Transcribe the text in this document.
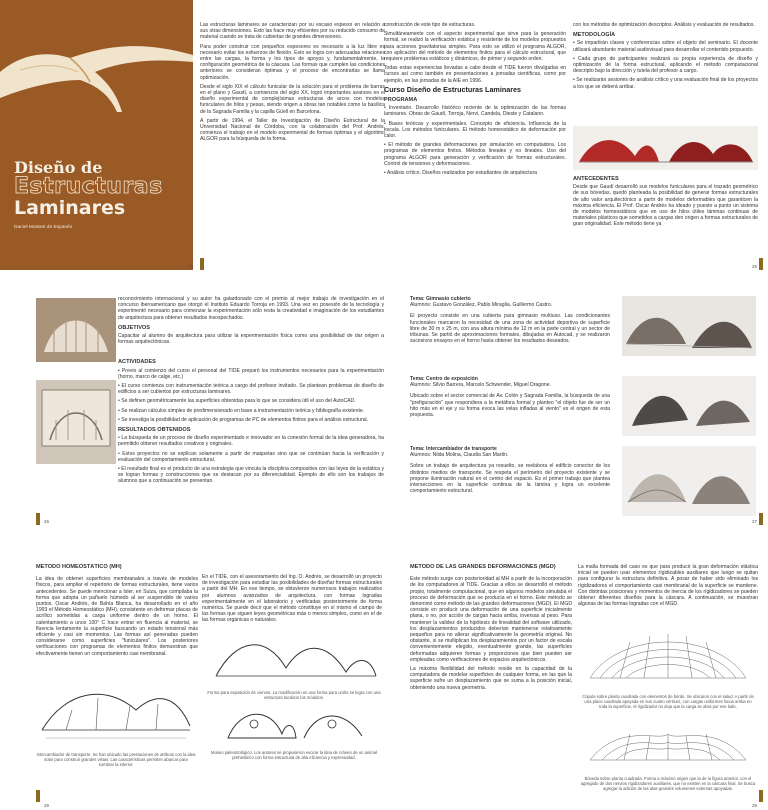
Diseño de
Estructuras
Laminares
Daniel Moisset de Espanés

Las estructuras laminares se caracterizan por su escaso espesor en relación a sus otras dimensiones. Esto las hace muy eficientes por su reducido consumo de material cuando se trata de cubiertas de grandes dimensiones.

Para poder construir con pequeños espesores es necesario a la luz libre es necesario evitar los esfuerzos de flexión. Esto se logra con adecuadas relaciones entre las cargas, la forma y los tipos de apoyos y, fundamentalmente, la configuración geométrica de la cáscara. Las formas que cumplen las condiciones anteriores se consideran óptimas y el proceso de encontrarlas se llama optimización.

Desde el siglo XIX el cálculo funicular de la solución para el problema de barras en el plano y Gaudí, a comienzos del siglo XX, logró importantes avances en el diseño experimental de complejísimas estructuras de arcos con modelos funiculares de hilos y pesas, siendo origen a obras tan notables como la basílica de la Sagrada Familia y la capilla Güell en Barcelona.

A partir de 1994, el Taller de Investigación de Diseño Estructural de la Universidad Nacional de Córdoba, con la colaboración del Prof. Andrés, comienza el trabajo en el modelo experimental de formas óptimas y el algoritmo ALGOR para la búsqueda de la forma.

construcción de este tipo de estructuras.

Simultáneamente con el aspecto experimental que sirve para la generación formal, se realizó la verificación estática y resistente de los modelos propuestos para acciones gravitatorias simples. Para esto se utilizó el programa ALGOR, con aplicación del método de elementos finitos para el cálculo estructural, que requiere problemas estáticos y dinámicos, de primer y segundo orden.

Todas estas experiencias llevadas a cabo desde el TIDE fueron divulgadas en cursos así como también en presentaciones a jornadas científicas, como por ejemplo, en las jornadas de la AIE en 1996.

Curso Diseño de Estructuras Laminares
PROGRAMA

• Inventario. Desarrollo histórico reciente de la optimización de las formas laminares. Obras de Gaudí, Torroja, Nervi, Candela, Dieste y Catalano.

• Bases teóricas y experimentales. Concepto de eficiencia. Influencia de la escala. Los métodos funiculares. El método homeostático de deformación por calor.

• El método de grandes deformaciones por simulación en computadora. Los programas de elementos finitos. Métodos lineales y no lineales. Uso del programa ALGOR para generación y verificación de formas estructurales. Control de tensiones y deformaciones.

• Análisis crítico. Diseños realizados por estudiantes de arquitectura

con los métodos de optimización descriptos. Análisis y evaluación de resultados.

METODOLOGÍA

• Se impartirán clases y conferencias sobre el objeto del seminario. El docente utilizará abundante material audiovisual para desarrollar el contenido propuesto.

• Cada grupo de participantes realizará su propia experiencia de diseño y optimización de la forma estructural, aplicando el método computacional descripto bajo la dirección y tutela del profesor a cargo.

• Se realizarán sesiones de análisis crítico y una evaluación final de los proyectos a los que se deberá arribar.

ANTECEDENTES

Desde que Gaudí desarrolló sus modelos funiculares para el trazado geométrico de sus bóvedas, quedó planteada la posibilidad de generar formas estructurales de alto valor arquitectónico a partir de modelos deformables que garanticen la máxima eficiencia. El Prof. Oscar Andrés ha ideado y puesto a punto un sistema de modelos homeostáticos que en uso de hilos útiles láminas continuas de materiales plásticos que sometidos a cargas den origen a formas estructurales de gran originalidad. Este método tiene ya

reconocimiento internacional y su autor ha galardonado con el premio al mejor trabajo de investigación en el concurso iberoamericano que otorgó el Instituto Eduardo Torroja en 1993. Una vez en posesión de la tecnología y experimentó necesario para comenzar la experimentación sólo resta la creatividad e imaginación de los estudiantes de arquitectura para obtener resultados insospechados.

OBJETIVOS

Capacitar al alumno de arquitectura para utilizar la experimentación física como una posibilidad de dar origen a formas arquitectónicas.

ACTIVIDADES

• Previo al comienzo del curso el personal del TIDE preparó los instrumentos necesarios para la experimentación (horno, marco de calge, etc.)

• El curso comienza con instrumentación teórica a cargo del profesor invitado. Se plantean problemas de diseño de edificios a ser cubiertos por estructuras laminares.

• Se definen geométricamente las superficies obtenidas para lo que se considera útil el uso del AutoCAD.

• Se realizan cálculos simples de predimensionado en base a instrumentación teórica y bibliografía existente.

• Se investiga la posibilidad de aplicación de programas de PC de elementos finitos para el análisis estructural.

RESULTADOS OBTENIDOS

• La búsqueda de un proceso de diseño experimentado e innovador en la conexión formal de la idea generadora, ha permitido obtener resultados creativos y originales.

• Estos proyectos no se explican solamente a partir de maquetas sino que se continúan hacia la verificación y evaluación del comportamiento estructural.

• El resultado final es el producto de una estrategia que vincula la disciplina compositiva con las leyes de la estática y se logran formas y construcciones que se destacan por su diferencialidad. Ejemplo de ello son los trabajos de alumnos que a continuación se presentan.

Tema: Gimnasio cubierto
Alumnos: Gustavo González, Pablo Miraglia, Guillermo Castro.

El proyecto consiste en una cubierta para gimnasio multiuso. Las condicionantes funcionales marcaron la necesidad de una zona de actividad deportiva de superficie libre de 30 m x 25 m, con una altura mínima de 12 m en la parte central y un sector de tribunas. Se partió de aproximaciones formales, dibujadas en Autocad, y se realizaron sucesivos ensayos en el horno hasta obtener los resultados deseados.

Tema: Centro de exposición
Alumnos: Silvio Barrera, Marcelo Schwender, Miguel Dragone.

Ubicado sobre el sector comercial de Av. Colón y Sagrada Familia, la búsqueda de una "prefiguración" que respondiera a la metáfora formal y planteo "el objeto fue de ser un hito más en el eje y su forma evoca las velas infladas al viento" es el origen de esta propuesta.

Tema: Intercambiador de transporte
Alumnos: Nilda Molina, Claudia San Martín.

Sobre un trabajo de arquitectura ya resuelto, se reelabora el edificio conector de los distintos medios de transporte. Se respeta el perímetro del proyecto existente y se propone iluminación natural en el centro del espacio. Es el primer trabajo que plantea intersecciones en la superficie continua de la lámina y logra un excelente comportamiento estructural.

MÉTODO HOMEOSTÁTICO (MH)

La idea de obtener superficies membranales a través de modelos físicos, para ampliar el repertorio de formas estructurales, tiene varios antecedentes. Se puede mencionar a Isler, en Suiza, que compilaba la forma que adopta un pañuelo húmedo al ser suspendido de varios puntos. Oscar Andrés, de Bahía Blanca, ha desarrollado en el año 1993 el Método Homeostático (MH), consistente en deformar placas de acrílico sometidas a carga uniforme dentro de un horno. El calentamiento a unos 100° C hace entrar en fluencia al material, se fluencia lentamente la superficie buscando un estado tensional más eficiente y casi sin momentos. Las formas así generadas pueden considerarse como superficies "funiculares". Los posteriores verificaciones con programas de elementos finitos demuestran que efectivamente tienen un comportamiento casi membranal.

En el TIDE, con el asesoramiento del Ing. O. Andrés, se desarrolló un proyecto de investigación para estudiar las posibilidades de diseñar formas estructurales a partir del MH. En ese tiempo, se obtuvieron numerosos trabajos realizados por alumnos avanzados de arquitectura, con formas logradas experimentalmente en el laboratorio y verificadas posteriormente de forma numérica. Se puede decir que el método constituye en sí mismo el campo de las formas que siguen leyes geométricas más o menos simples, como en el de las formas orgánicas o naturales.

Intercambiador de transporte. Se han ubicado las prestaciones de atributo con la idea solar para construir grandes vistas. Las características permiten abarcar para sombrar la interior.
Forma para exposición de ciervos. La modificación en una forma para unirlo se logra con una estructura localizar los módulos.
Museo paleontológico. Los autores se propusieron evocar la idea de cráneo de un animal prehistórico con forma estructural de alta eficiencia y expresividad.
MÉTODO DE LAS GRANDES DEFORMACIONES (MGD)

Este método surge con posterioridad al MH a partir de la incorporación de los computadores al TIDE. Gracias a ellos se desarrolló el método propio, totalmente computacional, que en algunos modelos simulaba el proceso de deformación que se producía en el horno. Este método se denominó como método de las grandes deformaciones (MGD). El MGD consiste en producir una deformación de una superficie inicialmente plana, o no, por acción de cargas hacia arriba, inversas al peso. Para mantener la validez de la hipótesis de linealidad del software utilizado, los desplazamientos producidos deberían mantenerse relativamente pequeños para no alterar significativamente la geometría original. No obstante, si se multiplican los desplazamientos por un factor de escala convenientemente elegido, eventualmente grande, las superficies deformadas adquieren formas y proporciones que bien pueden ser empleadas como verificaciones de espacios arquitectónicos.

La máxima flexibilidad del método reside en la capacidad de la computadora de modelar superficies de cualquier forma, en las que la superficie sufre un desplazamiento que se suma a la posición inicial, obteniendo una nueva geometría.

La malla formada del caso es que para producir la gran deformación elástica inicial se pueden usar elementos rígidizables auxiliares que luego se quitan para configurar la estructura definitiva. A posar de haber sido eliminado los rígidizadores el comportamiento casi membranal de la superficie se mantiene. Con distintas posiciones y momentos de inercia de los rígidizadores se pueden obtener diferentes diseños para la cáscara. A continuación, se muestran algunas de las formas logradas con el MGD.

Cúpula sobre planta cuadrada con elementos de borde. Se ubicaron con el salud. A partir de una placa cuadrada apoyada en sus cuatro vértices, con cargas uniformes hacia arriba en toda la superficie, el rígidizador no deja que la carga se abra por ese lado.
Bóveda sobre planta cuadrada. Forma a máximo origen que la de la figura anterior, con el agregado de dos nervios rígidizadores auxiliares, que no existen en la cáscara final. Se busca agregar la adición de las alas grandes volumenes externas apoyadas.
24	25
26	27
28	29
